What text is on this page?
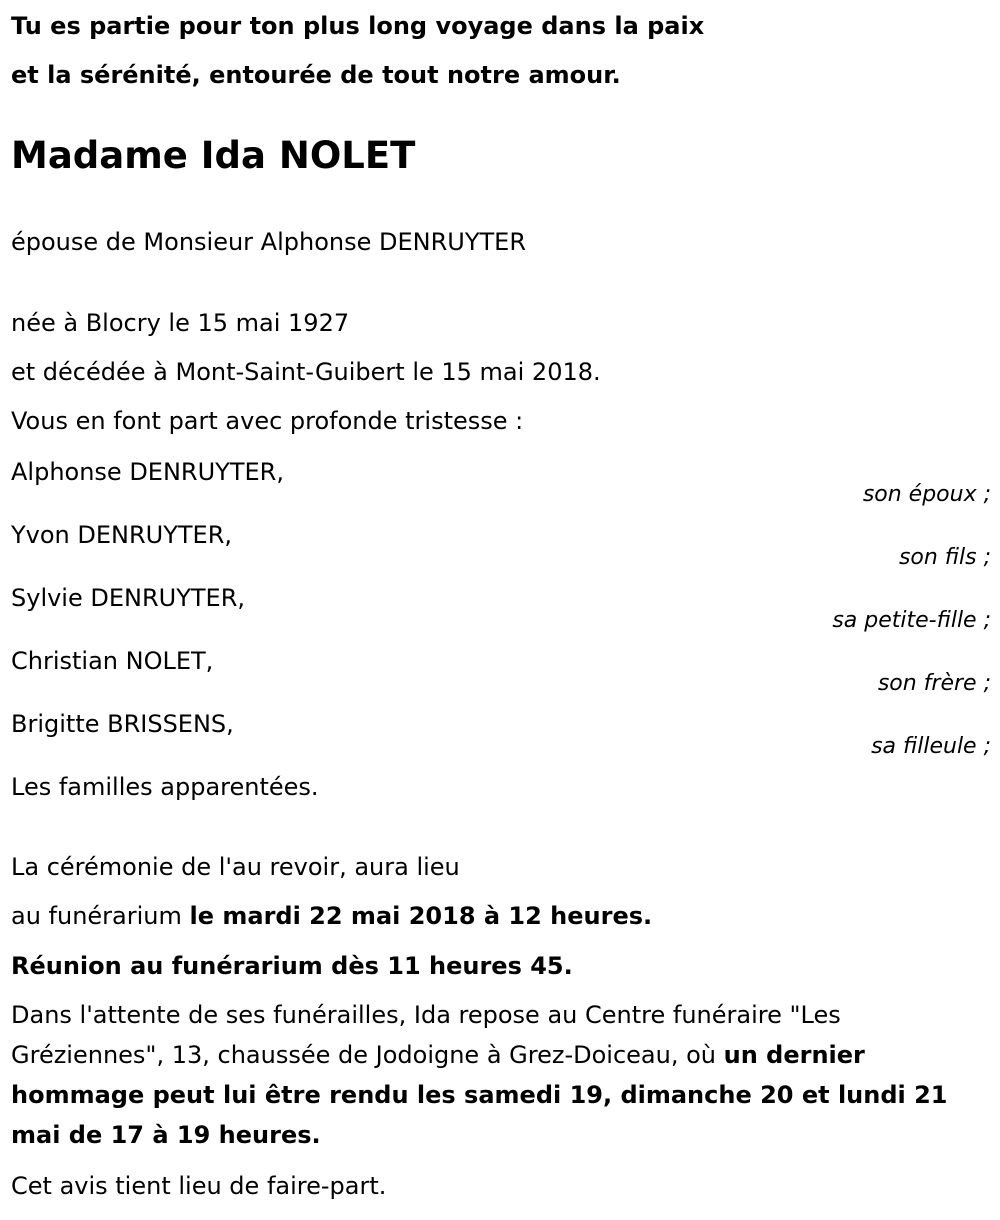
Tu es partie pour ton plus long voyage dans la paix
et la sérénité, entourée de tout notre amour.
Madame Ida NOLET
épouse de Monsieur Alphonse DENRUYTER
née à Blocry le 15 mai 1927
et décédée à Mont-Saint-Guibert le 15 mai 2018.
Vous en font part avec profonde tristesse :
Alphonse DENRUYTER,
son époux ;
Yvon DENRUYTER,
son fils ;
Sylvie DENRUYTER,
sa petite-fille ;
Christian NOLET,
son frère ;
Brigitte BRISSENS,
sa filleule ;
Les familles apparentées.
La cérémonie de l'au revoir, aura lieu
au funérarium le mardi 22 mai 2018 à 12 heures.
Réunion au funérarium dès 11 heures 45.
Dans l'attente de ses funérailles, Ida repose au Centre funéraire "Les Gréziennes", 13, chaussée de Jodoigne à Grez-Doiceau, où un dernier hommage peut lui être rendu les samedi 19, dimanche 20 et lundi 21 mai de 17 à 19 heures.
Cet avis tient lieu de faire-part.
